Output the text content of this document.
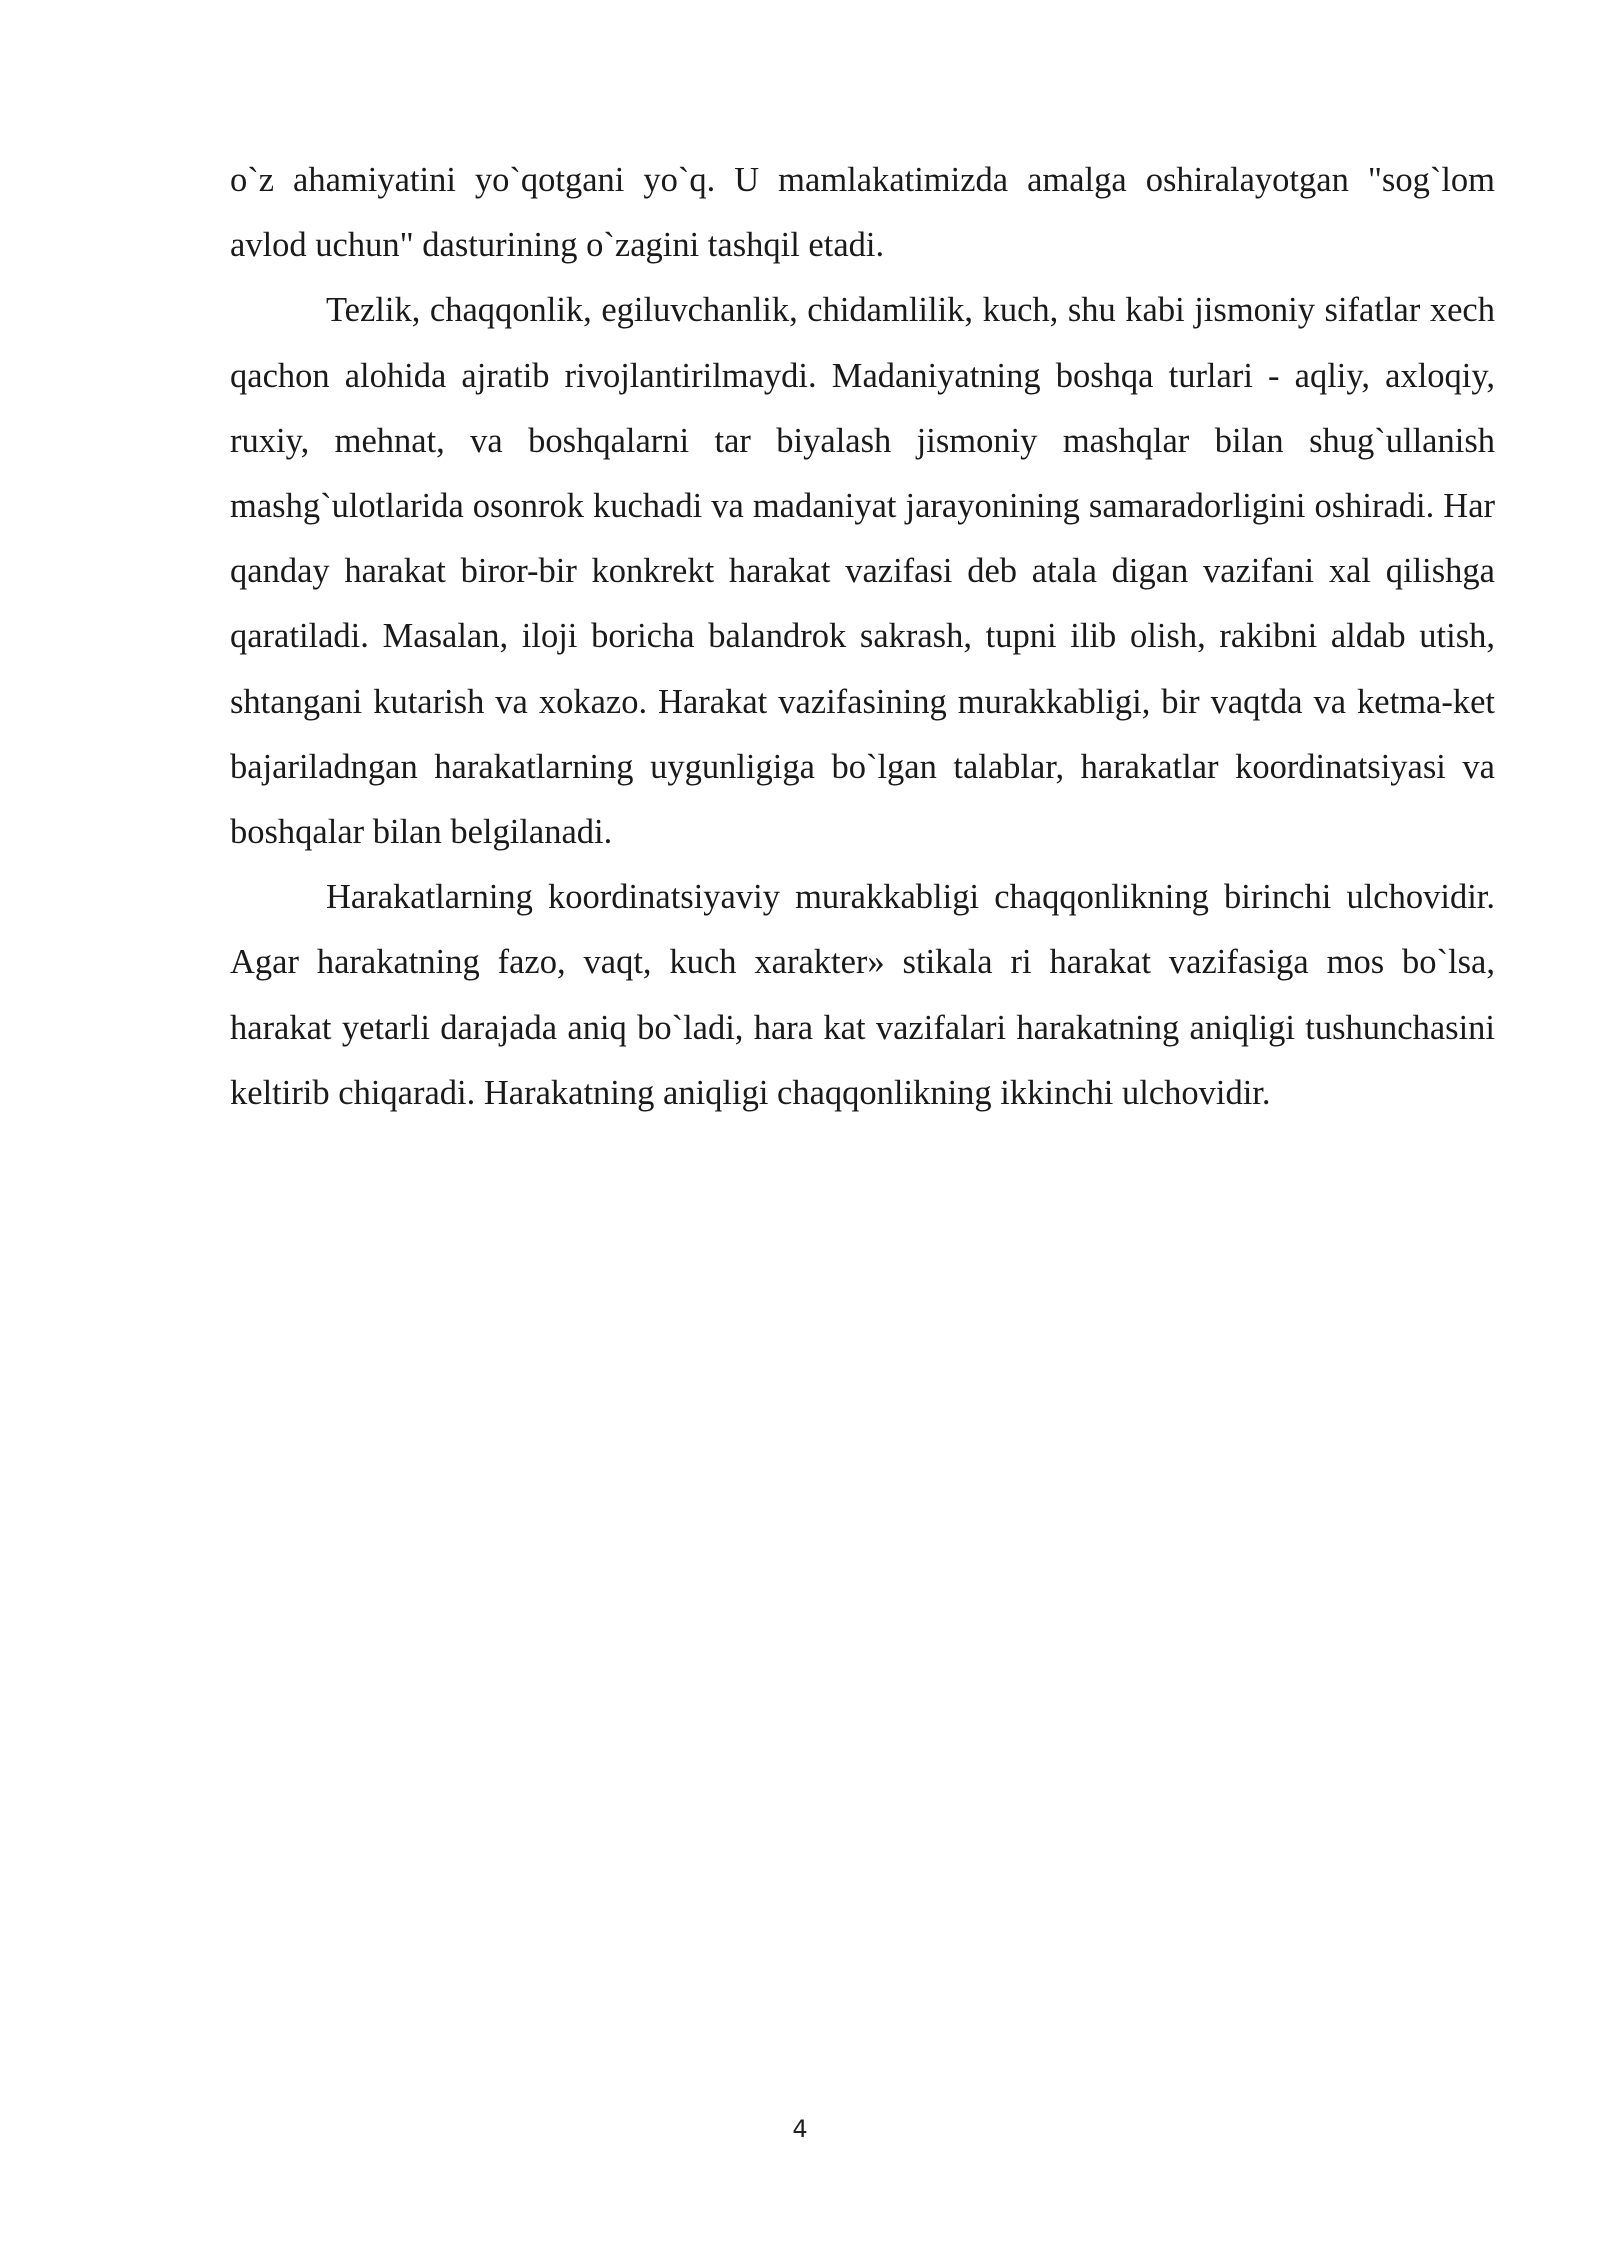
o`z ahamiyatini yo`qotgani yo`q. U mamlakatimizda amalga oshiralayotgan "sog`lom avlod uchun" dasturining o`zagini tashqil etadi.

Tezlik, chaqqonlik, egiluvchanlik, chidamlilik, kuch, shu kabi jismoniy sifatlar xech qachon alohida ajratib rivojlantirilmaydi. Madaniyatning boshqa turlari - aqliy, axloqiy, ruxiy, mehnat, va boshqalarni tar biyalash jismoniy mashqlar bilan shug`ullanish mashg`ulotlarida osonrok kuchadi va madaniyat jarayonining samaradorligini oshiradi. Har qanday harakat biror-bir konkrekt harakat vazifasi deb atala digan vazifani xal qilishga qaratiladi. Masalan, iloji boricha balandrok sakrash, tupni ilib olish, rakibni aldab utish, shtangani kutarish va xokazo. Harakat vazifasining murakkabligi, bir vaqtda va ketma-ket bajariladngan harakatlarning uygunligiga bo`lgan talablar, harakatlar koordinatsiyasi va boshqalar bilan belgilanadi.

Harakatlarning koordinatsiyaviy murakkabligi chaqqonlikning birinchi ulchovidir. Agar harakatning fazo, vaqt, kuch xarakter» stikala ri harakat vazifasiga mos bo`lsa, harakat yetarli darajada aniq bo`ladi, hara kat vazifalari harakatning aniqligi tushunchasini keltirib chiqaradi. Harakatning aniqligi chaqqonlikning ikkinchi ulchovidir.

4
